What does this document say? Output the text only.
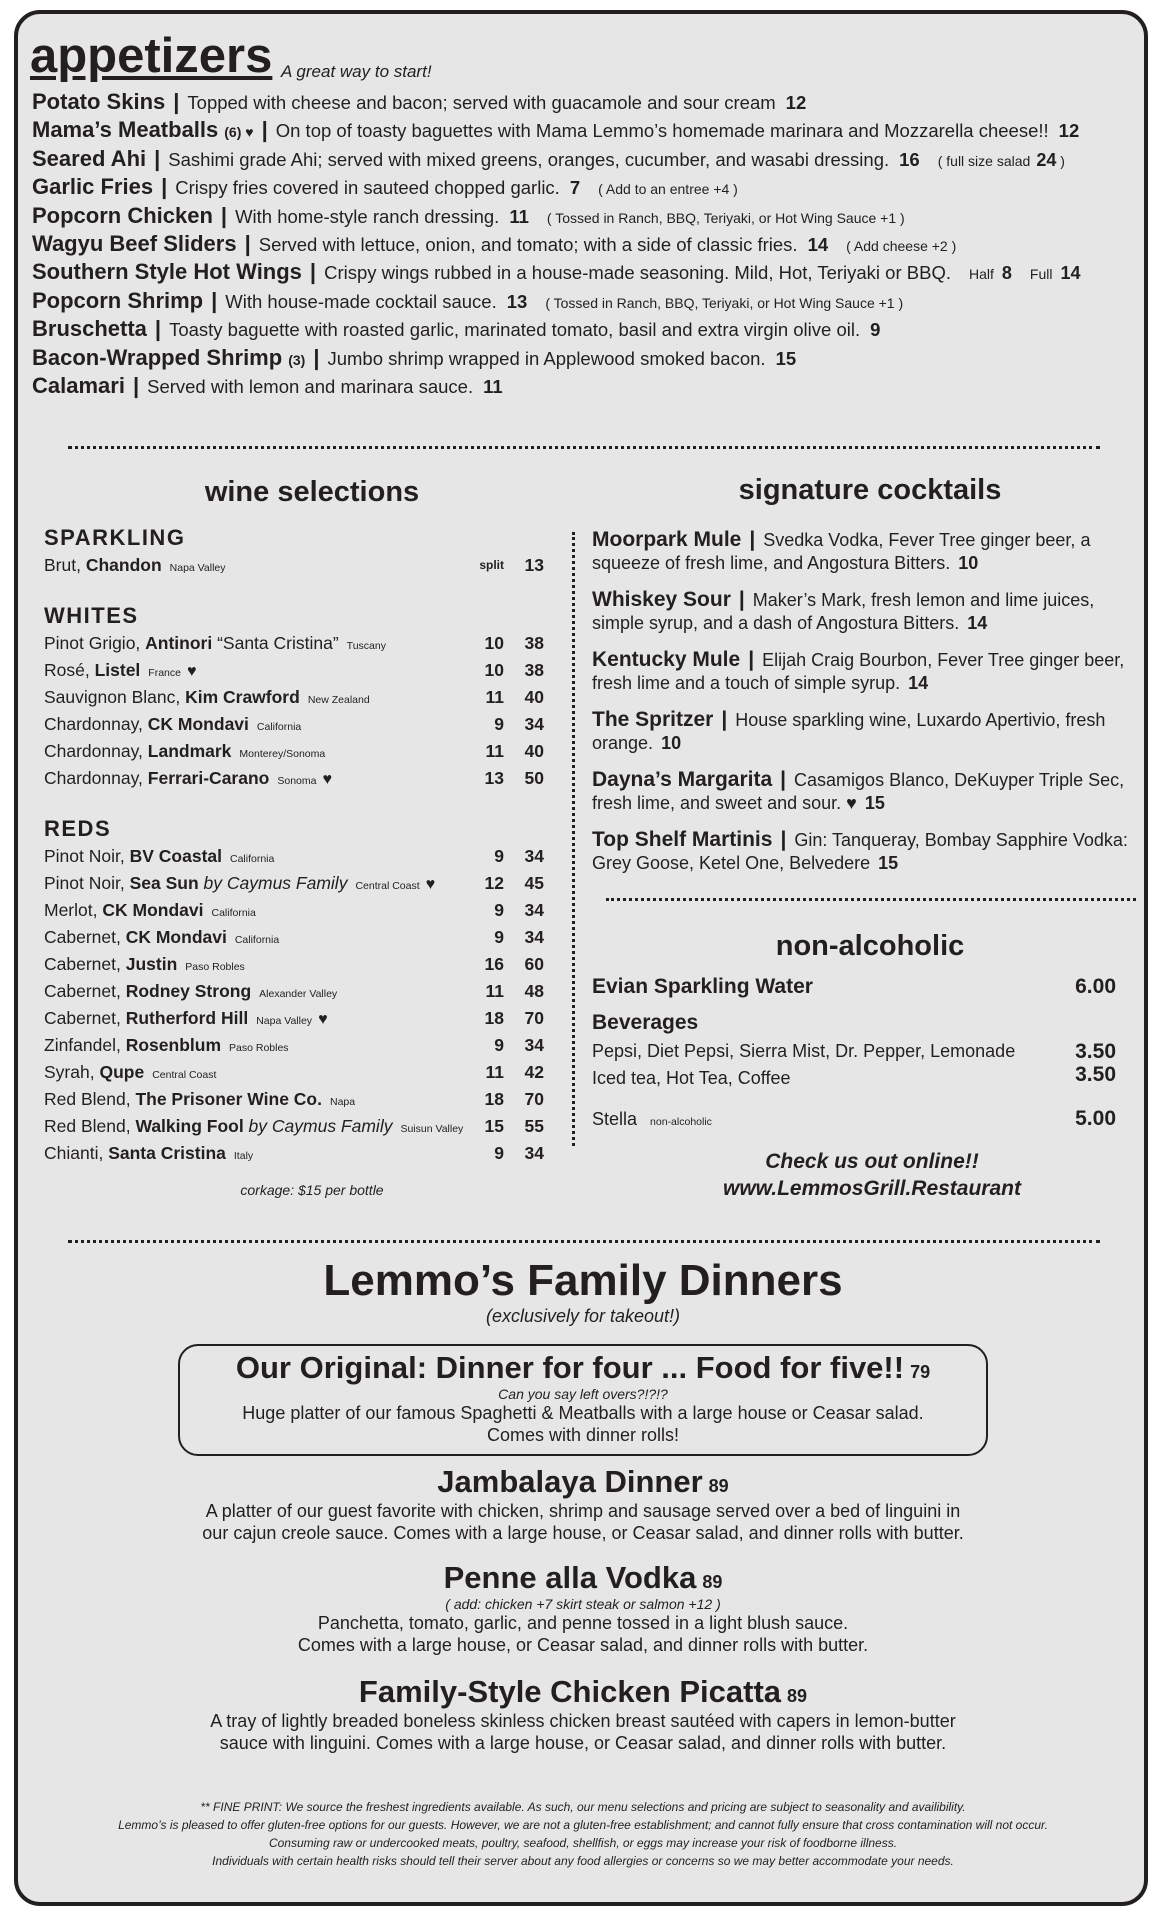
appetizers A great way to start!
Potato Skins | Topped with cheese and bacon; served with guacamole and sour cream 12
Mama’s Meatballs (6) ♥ | On top of toasty baguettes with Mama Lemmo’s homemade marinara and Mozzarella cheese!! 12
Seared Ahi | Sashimi grade Ahi; served with mixed greens, oranges, cucumber, and wasabi dressing. 16 ( full size salad 24 )
Garlic Fries | Crispy fries covered in sauteed chopped garlic. 7 ( Add to an entree +4 )
Popcorn Chicken | With home-style ranch dressing. 11 ( Tossed in Ranch, BBQ, Teriyaki, or Hot Wing Sauce +1 )
Wagyu Beef Sliders | Served with lettuce, onion, and tomato; with a side of classic fries. 14 ( Add cheese +2 )
Southern Style Hot Wings | Crispy wings rubbed in a house-made seasoning. Mild, Hot, Teriyaki or BBQ. Half 8 Full 14
Popcorn Shrimp | With house-made cocktail sauce. 13 ( Tossed in Ranch, BBQ, Teriyaki, or Hot Wing Sauce +1 )
Bruschetta | Toasty baguette with roasted garlic, marinated tomato, basil and extra virgin olive oil. 9
Bacon-Wrapped Shrimp (3) | Jumbo shrimp wrapped in Applewood smoked bacon. 15
Calamari | Served with lemon and marinara sauce. 11
wine selections
SPARKLING
Brut, Chandon Napa Valley	split	13
WHITES
Pinot Grigio, Antinori “Santa Cristina” Tuscany	10	38
Rosé, Listel France ♥	10	38
Sauvignon Blanc, Kim Crawford New Zealand	11	40
Chardonnay, CK Mondavi California	9	34
Chardonnay, Landmark Monterey/Sonoma	11	40
Chardonnay, Ferrari-Carano Sonoma ♥	13	50
REDS
Pinot Noir, BV Coastal California	9	34
Pinot Noir, Sea Sun by Caymus Family Central Coast ♥	12	45
Merlot, CK Mondavi California	9	34
Cabernet, CK Mondavi California	9	34
Cabernet, Justin Paso Robles	16	60
Cabernet, Rodney Strong Alexander Valley	11	48
Cabernet, Rutherford Hill Napa Valley ♥	18	70
Zinfandel, Rosenblum Paso Robles	9	34
Syrah, Qupe Central Coast	11	42
Red Blend, The Prisoner Wine Co. Napa	18	70
Red Blend, Walking Fool by Caymus Family Suisun Valley	15	55
Chianti, Santa Cristina Italy	9	34
corkage: $15 per bottle
signature cocktails
Moorpark Mule | Svedka Vodka, Fever Tree ginger beer, a squeeze of fresh lime, and Angostura Bitters. 10
Whiskey Sour | Maker’s Mark, fresh lemon and lime juices, simple syrup, and a dash of Angostura Bitters. 14
Kentucky Mule | Elijah Craig Bourbon, Fever Tree ginger beer, fresh lime and a touch of simple syrup. 14
The Spritzer | House sparkling wine, Luxardo Apertivio, fresh orange. 10
Dayna’s Margarita | Casamigos Blanco, DeKuyper Triple Sec, fresh lime, and sweet and sour. ♥ 15
Top Shelf Martinis | Gin: Tanqueray, Bombay Sapphire Vodka: Grey Goose, Ketel One, Belvedere 15
non-alcoholic
Evian Sparkling Water	6.00
Beverages
Pepsi, Diet Pepsi, Sierra Mist, Dr. Pepper, Lemonade	3.50
Iced tea, Hot Tea, Coffee	3.50
Stella non-alcoholic	5.00
Check us out online!!
www.LemmosGrill.Restaurant
Lemmo’s Family Dinners
(exclusively for takeout!)
Our Original: Dinner for four ... Food for five!! 79
Can you say left overs?!?!?
Huge platter of our famous Spaghetti & Meatballs with a large house or Ceasar salad.
Comes with dinner rolls!
Jambalaya Dinner 89
A platter of our guest favorite with chicken, shrimp and sausage served over a bed of linguini in
our cajun creole sauce. Comes with a large house, or Ceasar salad, and dinner rolls with butter.
Penne alla Vodka 89
( add: chicken +7 skirt steak or salmon +12 )
Panchetta, tomato, garlic, and penne tossed in a light blush sauce.
Comes with a large house, or Ceasar salad, and dinner rolls with butter.
Family-Style Chicken Picatta 89
A tray of lightly breaded boneless skinless chicken breast sautéed with capers in lemon-butter
sauce with linguini. Comes with a large house, or Ceasar salad, and dinner rolls with butter.
** FINE PRINT: We source the freshest ingredients available. As such, our menu selections and pricing are subject to seasonality and availibility.
Lemmo’s is pleased to offer gluten-free options for our guests. However, we are not a gluten-free establishment; and cannot fully ensure that cross contamination will not occur.
Consuming raw or undercooked meats, poultry, seafood, shellfish, or eggs may increase your risk of foodborne illness.
Individuals with certain health risks should tell their server about any food allergies or concerns so we may better accommodate your needs.
